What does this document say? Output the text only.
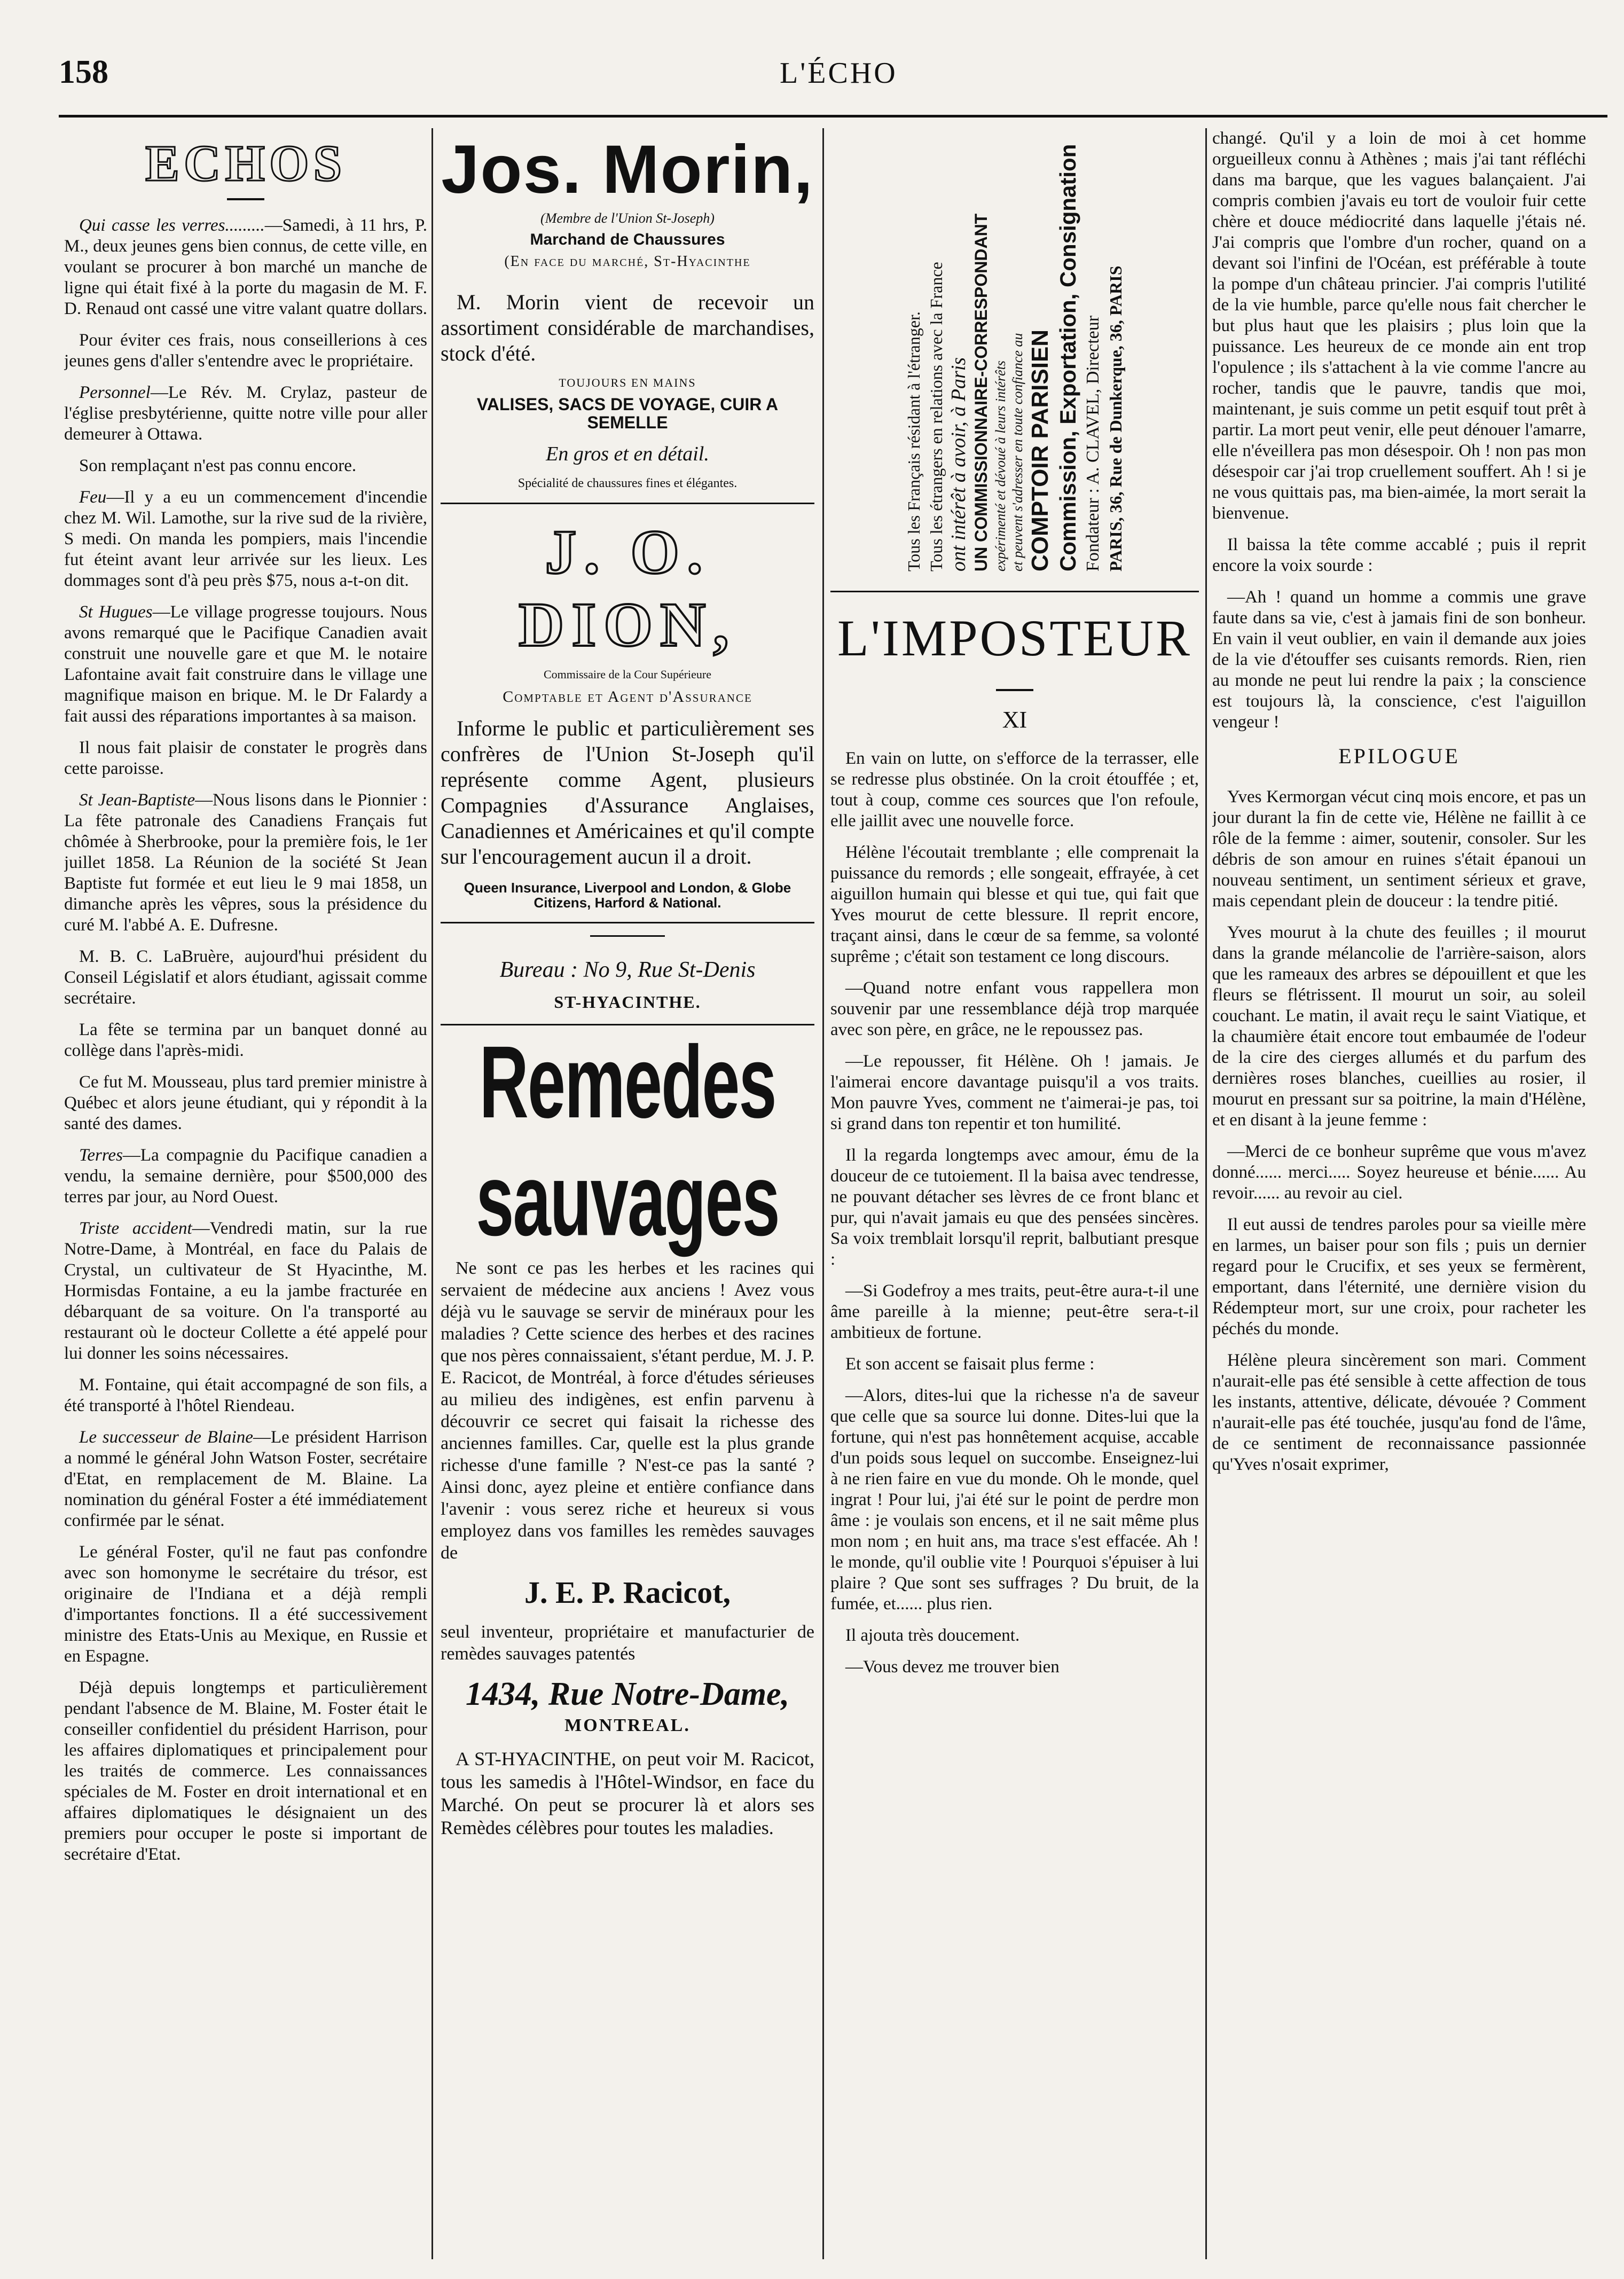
158	L'ÉCHO
ECHOS

Qui casse les verres.........—Samedi, à 11 hrs, P. M., deux jeunes gens bien connus, de cette ville, en voulant se procurer à bon marché un manche de ligne qui était fixé à la porte du magasin de M. F. D. Renaud ont cassé une vitre valant quatre dollars.

Pour éviter ces frais, nous conseillerions à ces jeunes gens d'aller s'entendre avec le propriétaire.

Personnel—Le Rév. M. Crylaz, pasteur de l'église presbytérienne, quitte notre ville pour aller demeurer à Ottawa.

Son remplaçant n'est pas connu encore.

Feu—Il y a eu un commencement d'incendie chez M. Wil. Lamothe, sur la rive sud de la rivière, S medi. On manda les pompiers, mais l'incendie fut éteint avant leur arrivée sur les lieux. Les dommages sont d'à peu près $75, nous a-t-on dit.

St Hugues—Le village progresse toujours. Nous avons remarqué que le Pacifique Canadien avait construit une nouvelle gare et que M. le notaire Lafontaine avait fait construire dans le village une magnifique maison en brique. M. le Dr Falardy a fait aussi des réparations importantes à sa maison.

Il nous fait plaisir de constater le progrès dans cette paroisse.

St Jean-Baptiste—Nous lisons dans le Pionnier : La fête patronale des Canadiens Français fut chômée à Sherbrooke, pour la première fois, le 1er juillet 1858. La Réunion de la société St Jean Baptiste fut formée et eut lieu le 9 mai 1858, un dimanche après les vêpres, sous la présidence du curé M. l'abbé A. E. Dufresne.

M. B. C. LaBruère, aujourd'hui président du Conseil Législatif et alors étudiant, agissait comme secrétaire.

La fête se termina par un banquet donné au collège dans l'après-midi.

Ce fut M. Mousseau, plus tard premier ministre à Québec et alors jeune étudiant, qui y répondit à la santé des dames.

Terres—La compagnie du Pacifique canadien a vendu, la semaine dernière, pour $500,000 des terres par jour, au Nord Ouest.

Triste accident—Vendredi matin, sur la rue Notre-Dame, à Montréal, en face du Palais de Crystal, un cultivateur de St Hyacinthe, M. Hormisdas Fontaine, a eu la jambe fracturée en débarquant de sa voiture. On l'a transporté au restaurant où le docteur Collette a été appelé pour lui donner les soins nécessaires.

M. Fontaine, qui était accompagné de son fils, a été transporté à l'hôtel Riendeau.

Le successeur de Blaine—Le président Harrison a nommé le général John Watson Foster, secrétaire d'Etat, en remplacement de M. Blaine. La nomination du général Foster a été immédiatement confirmée par le sénat.

Le général Foster, qu'il ne faut pas confondre avec son homonyme le secrétaire du trésor, est originaire de l'Indiana et a déjà rempli d'importantes fonctions. Il a été successivement ministre des Etats-Unis au Mexique, en Russie et en Espagne.

Déjà depuis longtemps et particulièrement pendant l'absence de M. Blaine, M. Foster était le conseiller confidentiel du président Harrison, pour les affaires diplomatiques et principalement pour les traités de commerce. Les connaissances spéciales de M. Foster en droit international et en affaires diplomatiques le désignaient un des premiers pour occuper le poste si important de secrétaire d'Etat.

Jos. Morin,
(Membre de l'Union St-Joseph)
Marchand de Chaussures
(En face du marché, St-Hyacinthe
M. Morin vient de recevoir un assortiment considérable de marchandises, stock d'été.
TOUJOURS EN MAINS
VALISES, SACS DE VOYAGE, CUIR A SEMELLE
En gros et en détail.
Spécialité de chaussures fines et élégantes.
J. O. DION,
Commissaire de la Cour Supérieure
Comptable et Agent d'Assurance
Informe le public et particulièrement ses confrères de l'Union St-Joseph qu'il représente comme Agent, plusieurs Compagnies d'Assurance Anglaises, Canadiennes et Américaines et qu'il compte sur l'encouragement aucun il a droit.
Queen Insurance, Liverpool and London, & Globe Citizens, Harford & National.
Bureau : No 9, Rue St-Denis
ST-HYACINTHE.
Remedes sauvages
Ne sont ce pas les herbes et les racines qui servaient de médecine aux anciens ! Avez vous déjà vu le sauvage se servir de minéraux pour les maladies ? Cette science des herbes et des racines que nos pères connaissaient, s'étant perdue, M. J. P. E. Racicot, de Montréal, à force d'études sérieuses au milieu des indigènes, est enfin parvenu à découvrir ce secret qui faisait la richesse des anciennes familles. Car, quelle est la plus grande richesse d'une famille ? N'est-ce pas la santé ? Ainsi donc, ayez pleine et entière confiance dans l'avenir : vous serez riche et heureux si vous employez dans vos familles les remèdes sauvages de
J. E. P. Racicot,
seul inventeur, propriétaire et manufacturier de remèdes sauvages patentés
1434, Rue Notre-Dame,
MONTREAL.
A ST-HYACINTHE, on peut voir M. Racicot, tous les samedis à l'Hôtel-Windsor, en face du Marché. On peut se procurer là et alors ses Remèdes célèbres pour toutes les maladies.
Tous les Français résidant à l'étranger. Tous les étrangers en relations avec la France ont intérêt à avoir, à Paris UN COMMISSIONNAIRE-CORRESPONDANT expérimenté et dévoué à leurs intérêts et peuvent s'adresser en toute confiance au COMPTOIR PARISIEN Commission, Exportation, Consignation Fondateur : A. CLAVEL, Directeur PARIS, 36, Rue de Dunkerque, 36, PARIS
L'IMPOSTEUR
XI

En vain on lutte, on s'efforce de la terrasser, elle se redresse plus obstinée. On la croit étouffée ; et, tout à coup, comme ces sources que l'on refoule, elle jaillit avec une nouvelle force.

Hélène l'écoutait tremblante ; elle comprenait la puissance du remords ; elle songeait, effrayée, à cet aiguillon humain qui blesse et qui tue, qui fait que Yves mourut de cette blessure. Il reprit encore, traçant ainsi, dans le cœur de sa femme, sa volonté suprême ; c'était son testament ce long discours.

—Quand notre enfant vous rappellera mon souvenir par une ressemblance déjà trop marquée avec son père, en grâce, ne le repoussez pas.

—Le repousser, fit Hélène. Oh ! jamais. Je l'aimerai encore davantage puisqu'il a vos traits. Mon pauvre Yves, comment ne t'aimerai-je pas, toi si grand dans ton repentir et ton humilité.

Il la regarda longtemps avec amour, ému de la douceur de ce tutoiement. Il la baisa avec tendresse, ne pouvant détacher ses lèvres de ce front blanc et pur, qui n'avait jamais eu que des pensées sincères. Sa voix tremblait lorsqu'il reprit, balbutiant presque :

—Si Godefroy a mes traits, peut-être aura-t-il une âme pareille à la mienne; peut-être sera-t-il ambitieux de fortune.

Et son accent se faisait plus ferme :

—Alors, dites-lui que la richesse n'a de saveur que celle que sa source lui donne. Dites-lui que la fortune, qui n'est pas honnêtement acquise, accable d'un poids sous lequel on succombe. Enseignez-lui à ne rien faire en vue du monde. Oh le monde, quel ingrat ! Pour lui, j'ai été sur le point de perdre mon âme : je voulais son encens, et il ne sait même plus mon nom ; en huit ans, ma trace s'est effacée. Ah ! le monde, qu'il oublie vite ! Pourquoi s'épuiser à lui plaire ? Que sont ses suffrages ? Du bruit, de la fumée, et...... plus rien.

Il ajouta très doucement.

—Vous devez me trouver bien

changé. Qu'il y a loin de moi à cet homme orgueilleux connu à Athènes ; mais j'ai tant réfléchi dans ma barque, que les vagues balançaient. J'ai compris combien j'avais eu tort de vouloir fuir cette chère et douce médiocrité dans laquelle j'étais né. J'ai compris que l'ombre d'un rocher, quand on a devant soi l'infini de l'Océan, est préférable à toute la pompe d'un château princier. J'ai compris l'utilité de la vie humble, parce qu'elle nous fait chercher le but plus haut que les plaisirs ; plus loin que la puissance. Les heureux de ce monde ain ent trop l'opulence ; ils s'attachent à la vie comme l'ancre au rocher, tandis que le pauvre, tandis que moi, maintenant, je suis comme un petit esquif tout prêt à partir. La mort peut venir, elle peut dénouer l'amarre, elle n'éveillera pas mon désespoir. Oh ! non pas mon désespoir car j'ai trop cruellement souffert. Ah ! si je ne vous quittais pas, ma bien-aimée, la mort serait la bienvenue.

Il baissa la tête comme accablé ; puis il reprit encore la voix sourde :

—Ah ! quand un homme a commis une grave faute dans sa vie, c'est à jamais fini de son bonheur. En vain il veut oublier, en vain il demande aux joies de la vie d'étouffer ses cuisants remords. Rien, rien au monde ne peut lui rendre la paix ; la conscience est toujours là, la conscience, c'est l'aiguillon vengeur !

EPILOGUE

Yves Kermorgan vécut cinq mois encore, et pas un jour durant la fin de cette vie, Hélène ne faillit à ce rôle de la femme : aimer, soutenir, consoler. Sur les débris de son amour en ruines s'était épanoui un nouveau sentiment, un sentiment sérieux et grave, mais cependant plein de douceur : la tendre pitié.

Yves mourut à la chute des feuilles ; il mourut dans la grande mélancolie de l'arrière-saison, alors que les rameaux des arbres se dépouillent et que les fleurs se flétrissent. Il mourut un soir, au soleil couchant. Le matin, il avait reçu le saint Viatique, et la chaumière était encore tout embaumée de l'odeur de la cire des cierges allumés et du parfum des dernières roses blanches, cueillies au rosier, il mourut en pressant sur sa poitrine, la main d'Hélène, et en disant à la jeune femme :

—Merci de ce bonheur suprême que vous m'avez donné...... merci..... Soyez heureuse et bénie...... Au revoir...... au revoir au ciel.

Il eut aussi de tendres paroles pour sa vieille mère en larmes, un baiser pour son fils ; puis un dernier regard pour le Crucifix, et ses yeux se fermèrent, emportant, dans l'éternité, une dernière vision du Rédempteur mort, sur une croix, pour racheter les péchés du monde.

Hélène pleura sincèrement son mari. Comment n'aurait-elle pas été sensible à cette affection de tous les instants, attentive, délicate, dévouée ? Comment n'aurait-elle pas été touchée, jusqu'au fond de l'âme, de ce sentiment de reconnaissance passionnée qu'Yves n'osait exprimer,
